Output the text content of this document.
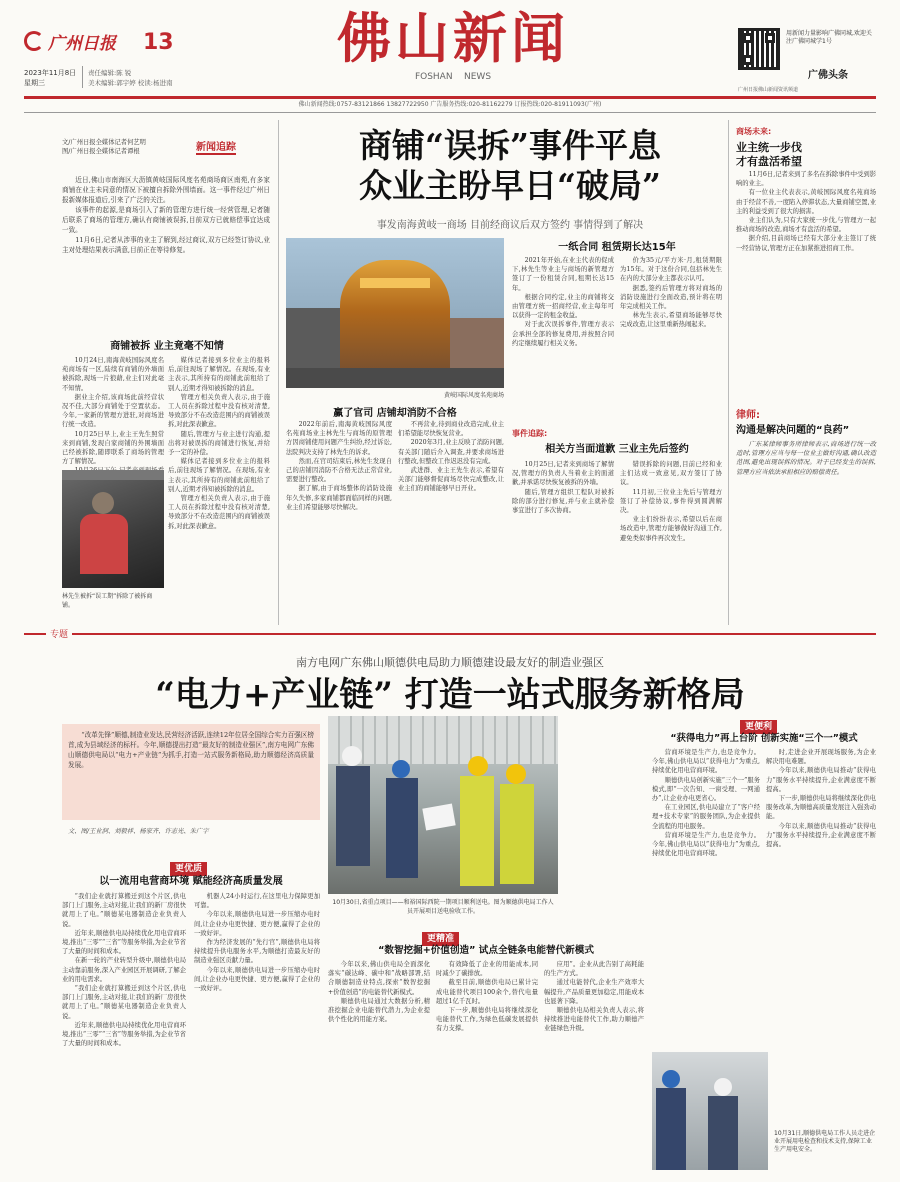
广州日报 13	佛山新闻
FOSHAN    NEWS
2023年11月8日
星期三
责任编辑:陈 锐
美术编辑:郭宇婷 校读:杨进南
用新闻力量影响广佛同城,欢迎关注广佛同城学1号
广佛头条
广州日报佛山新闻资讯频道
佛山新闻热线:0757-83121866 13827722950 广告服务热线:020-81162279 订报热线:020-81911093(广州)
文/广州日报全媒体记者何艺明
图/广州日报全媒体记者谭根	新闻追踪

近日,佛山市南海区大沥镇黄岐国际风度名苑商场商区南苑,有多家商铺在业主未同意的情况下被擅自拆除外围墙面。这一事件经过广州日报新媒体报道后,引来了广泛的关注。

该事件的起源,是商场引入了新的管理方进行统一经营管理,记者随后联系了商场的管理方,确认有商铺被误拆,目前双方已就赔偿事宜达成一致。

11月6日,记者从涉事的业主了解到,经过商议,双方已经签订协议,业主对处理结果表示满意,目前正在等待修复。

商铺被拆 业主竟毫不知情

10月24日,南海黄岐国际风度名苑商场有一区,陆续有商铺的外墙面被拆除,现场一片狼藉,业主们对此毫不知情。

据业主介绍,该商场此前经营状况不佳,大部分商铺处于空置状态。今年,一家新的管理方进驻,对商场进行统一改造。

10月25日早上,业主王先生照常来到商铺,发现自家商铺的外围墙面已经被拆除,随即联系了商场的管理方了解情况。

媒体记者接到多位业主的报料后,前往现场了解情况。在现场,有业主表示,其所持有的商铺此前租给了别人,近期才得知被拆除的消息。

管理方相关负责人表示,由于施工人员在拆除过程中没有核对清楚,导致部分不在改造范围内的商铺被误拆,对此深表歉意。

随后,管理方与业主进行沟通,提出将对被误拆的商铺进行恢复,并给予一定的补偿。

媒体记者接到多位业主的报料后,前往现场了解情况。在现场,有业主表示,其所持有的商铺此前租给了别人,近期才得知被拆除的消息。

管理方相关负责人表示,由于施工人员在拆除过程中没有核对清楚,导致部分不在改造范围内的商铺被误拆,对此深表歉意。

林先生被拆“误工期”拆除了被拆商铺。
商铺“误拆”事件平息
众业主盼早日“破局”
事发南海黄岐一商场 目前经商议后双方签约 事情得到了解决
黄岐国际风度名苑商场
赢了官司 店铺却消防不合格

2022年前后,南海黄岐国际风度名苑商场业主林先生与商场的原管理方因商铺使用问题产生纠纷,经过诉讼,法院判决支持了林先生的诉求。

然而,在官司结束后,林先生发现自己的店铺因消防不合格无法正常营业,需要进行整改。

据了解,由于商场整体的消防设施年久失修,多家商铺都面临同样的问题,业主们希望能够尽快解决。

不再营业,待到商业改造完成,业主们希望能尽快恢复营业。

2020年3月,业主反映了消防问题,有关部门随后介入调查,并要求商场进行整改,但整改工作迟迟没有完成。

武进群、业主王先生表示,希望有关部门能够督促商场尽快完成整改,让业主们的商铺能够早日开业。

一纸合同 租赁期长达15年

2021年开始,在业主代表的促成下,林先生等业主与商场的新管理方签订了一份租赁合同,租期长达15年。

根据合同约定,业主的商铺将交由管理方统一招商经营,业主每年可以获得一定的租金收益。

对于此次误拆事件,管理方表示会承担全部的修复费用,并按照合同约定继续履行相关义务。

价为35元/平方米·月,租赁期限为15年。对于这份合同,包括林先生在内的大部分业主都表示认可。

据悉,签约后管理方将对商场的消防设施进行全面改造,预计将在明年完成相关工作。

林先生表示,希望商场能够尽快完成改造,让这里重新热闹起来。

事件追踪:
相关方当面道歉 三业主先后签约

10月25日,记者来到商场了解情况,管理方的负责人当着业主的面道歉,并承诺尽快恢复被拆的外墙。

随后,管理方组织工程队对被拆除的部分进行修复,并与业主就补偿事宜进行了多次协商。

错误拆除的问题,目前已经和业主们达成一致意见,双方签订了协议。

11月初,三位业主先后与管理方签订了补偿协议,事件得到圆满解决。

业主们纷纷表示,希望以后在商场改造中,管理方能够做好沟通工作,避免类似事件再次发生。

商场未来:
业主统一步伐
才有盘活希望

11月6日,记者来到了多名在拆除事件中受到影响的业主。

有一位业主代表表示,黄岐国际风度名苑商场由于经营不善,一度陷入停滞状态,大量商铺空置,业主的利益受到了很大的损害。

业主们认为,只有大家统一步伐,与管理方一起推动商场的改造,商场才有盘活的希望。

据介绍,目前商场已经有大部分业主签订了统一经营协议,管理方正在加紧推进招商工作。

律师:
沟通是解决问题的“良药”
广东某律师事务所律师表示,商场进行统一改造时,管理方应当与每一位业主做好沟通,确认改造范围,避免出现误拆的情况。对于已经发生的误拆,管理方应当依法承担相应的赔偿责任。
专题
南方电网广东佛山顺德供电局助力顺德建设最友好的制造业强区
“电力+产业链” 打造一站式服务新格局
“改革先锋”顺德,制造业发达,民营经济活跃,连续12年位居全国综合实力百强区榜首,成为县域经济的标杆。今年,顺德提出打造“最友好的制造业强区”,南方电网广东佛山顺德供电局以“电力+产业链”为抓手,打造一站式服务新格局,助力顺德经济高质量发展。
文、图/王业润、刘毅祥、杨家齐、许志光、朱广宇
更优质
以一流用电营商环境 赋能经济高质量发展

“我们企业就打算搬迁到这个片区,供电部门上门服务,主动对接,让我们的新厂房很快就用上了电。”顺德某电器制造企业负责人说。

近年来,顺德供电局持续优化用电营商环境,推出“三零”“三省”等服务举措,为企业节省了大量的时间和成本。

在新一轮的产业转型升级中,顺德供电局主动靠前服务,深入产业园区开展调研,了解企业的用电需求。

“我们企业就打算搬迁到这个片区,供电部门上门服务,主动对接,让我们的新厂房很快就用上了电。”顺德某电器制造企业负责人说。

近年来,顺德供电局持续优化用电营商环境,推出“三零”“三省”等服务举措,为企业节省了大量的时间和成本。

机器人24小时运行,在这里电力保障更加可靠。

今年以来,顺德供电局进一步压缩办电时间,让企业办电更快捷、更方便,赢得了企业的一致好评。

作为经济发展的“先行官”,顺德供电局将持续提升供电服务水平,为顺德打造最友好的制造业强区贡献力量。

今年以来,顺德供电局进一步压缩办电时间,让企业办电更快捷、更方便,赢得了企业的一致好评。

10月30日,省重点项目——和裕国际西院一期项目顺利送电。图为顺德供电局工作人员开展项目送电验收工作。
更精准
“数智挖掘+价值创造” 试点全链条电能替代新模式

今年以来,佛山供电局全面深化落实“碳达峰、碳中和”战略部署,结合顺德制造业特点,探索“数智挖掘+价值创造”的电能替代新模式。

顺德供电局通过大数据分析,精准挖掘企业电能替代潜力,为企业提供个性化的用能方案。

有效降低了企业的用能成本,同时减少了碳排放。

截至目前,顺德供电局已累计完成电能替代项目100余个,替代电量超过1亿千瓦时。

下一步,顺德供电局将继续深化电能替代工作,为绿色低碳发展提供有力支撑。

应用”。企业从此告别了高耗能的生产方式。

通过电能替代,企业生产效率大幅提升,产品质量更加稳定,用能成本也显著下降。

顺德供电局相关负责人表示,将持续推进电能替代工作,助力顺德产业链绿色升级。

更便利
“获得电力”再上台阶 创新实施“三个一”模式

营商环境是生产力,也是竞争力。今年,佛山供电局以“获得电力”为重点,持续优化用电营商环境。

顺德供电局创新实施“三个一”服务模式,即“一次告知、一窗受理、一网通办”,让企业办电更省心。

在工业园区,供电局建立了“客户经理+技术专家”的服务团队,为企业提供全流程的用电服务。

营商环境是生产力,也是竞争力。今年,佛山供电局以“获得电力”为重点,持续优化用电营商环境。

时,走进企业开展现场服务,为企业解决用电难题。

今年以来,顺德供电局推动“获得电力”服务水平持续提升,企业满意度不断提高。

下一步,顺德供电局将继续深化供电服务改革,为顺德高质量发展注入强劲动能。

今年以来,顺德供电局推动“获得电力”服务水平持续提升,企业满意度不断提高。

10月31日,顺德供电局工作人员走进企业开展用电检查和技术支持,保障工业生产用电安全。
